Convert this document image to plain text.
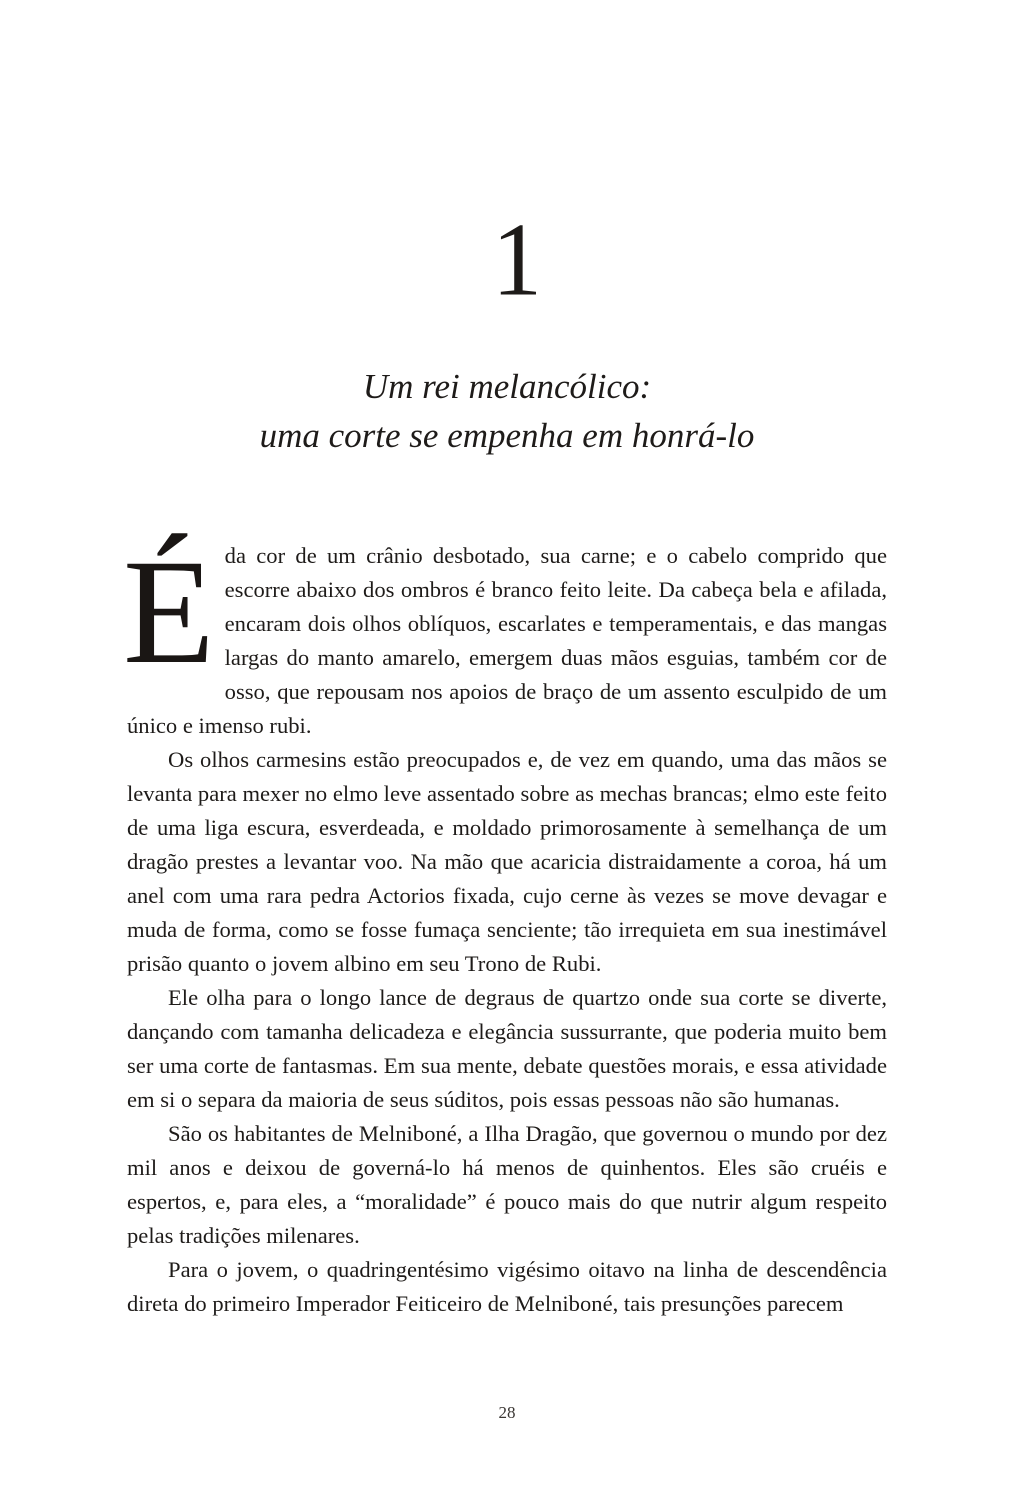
1
Um rei melancólico:
uma corte se empenha em honrá-lo

É da cor de um crânio desbotado, sua carne; e o cabelo comprido que escorre abaixo dos ombros é branco feito leite. Da cabeça bela e afilada, encaram dois olhos oblíquos, escarlates e temperamentais, e das mangas largas do manto amarelo, emergem duas mãos esguias, também cor de osso, que repousam nos apoios de braço de um assento esculpido de um único e imenso rubi.

Os olhos carmesins estão preocupados e, de vez em quando, uma das mãos se levanta para mexer no elmo leve assentado sobre as mechas brancas; elmo este feito de uma liga escura, esverdeada, e moldado primorosamente à semelhança de um dragão prestes a levantar voo. Na mão que acaricia distraidamente a coroa, há um anel com uma rara pedra Actorios fixada, cujo cerne às vezes se move devagar e muda de forma, como se fosse fumaça senciente; tão irrequieta em sua inestimável prisão quanto o jovem albino em seu Trono de Rubi.

Ele olha para o longo lance de degraus de quartzo onde sua corte se diverte, dançando com tamanha delicadeza e elegância sussurrante, que poderia muito bem ser uma corte de fantasmas. Em sua mente, debate questões morais, e essa atividade em si o separa da maioria de seus súditos, pois essas pessoas não são humanas.

São os habitantes de Melniboné, a Ilha Dragão, que governou o mundo por dez mil anos e deixou de governá-lo há menos de quinhentos. Eles são cruéis e espertos, e, para eles, a “moralidade” é pouco mais do que nutrir algum respeito pelas tradições milenares.

Para o jovem, o quadringentésimo vigésimo oitavo na linha de descendência direta do primeiro Imperador Feiticeiro de Melniboné, tais presunções parecem

28
